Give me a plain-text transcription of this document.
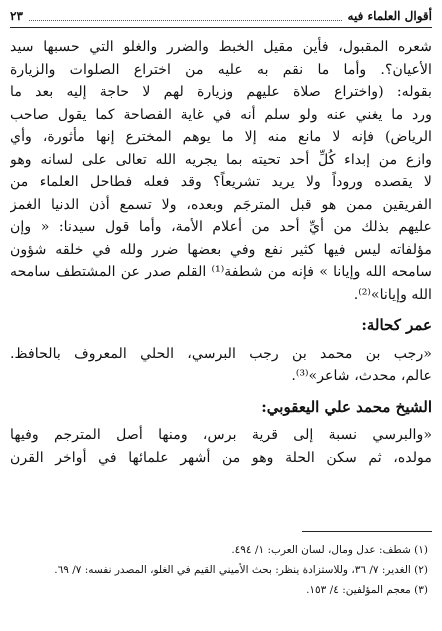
أقوال العلماء فيه
٢٣

شعره المقبول، فأين مقيل الخبط والضرر والغلو التي حسبها سيد
الأعيان؟. وأما ما نقم به عليه من اختراع الصلوات والزيارة
بقوله: (واختراع صلاة عليهم وزيارة لهم لا حاجة إليه بعد ما
ورد ما يغني عنه ولو سلم أنه في غاية الفصاحة كما يقول صاحب
الرياض) فإنه لا مانع منه إلا ما يوهم المخترع إنها مأثورة، وأي
وازع من إبداء كُلِّ أحد تحيته بما يجريه الله تعالى على لسانه وهو
لا يقصده وروداً ولا يريد تشريعاً؟ وقد فعله فطاحل العلماء من
الفريقين ممن هو قبل المترجَم وبعده، ولا تسمع أذن الدنيا الغمز
عليهم بذلك من أيِّ أحد من أعلام الأمة، وأما قول سيدنا: « وإن
مؤلفاته ليس فيها كثير نفع وفي بعضها ضرر ولله في خلقه شؤون
سامحه الله وإيانا » فإنه من شطفة⁽¹⁾ القلم صدر عن المشتطف سامحه
الله وإيانا»⁽²⁾.

عمر كحالة:

«رجب بن محمد بن رجب البرسي، الحلي المعروف بالحافظ.
عالم، محدث، شاعر»⁽³⁾.

الشيخ محمد علي اليعقوبي:

«والبرسي نسبة إلى قرية برس، ومنها أصل المترجم وفيها
مولده، ثم سكن الحلة وهو من أشهر علمائها في أواخر القرن

(١) شطف: عدل ومال، لسان العرب: ١/ ٤٩٤.
(٢) الغدير: ٧/ ٣٦، وللاستزادة ينظر: بحث الأميني القيم في الغلو، المصدر نفسه: ٧/ ٦٩.
(٣) معجم المؤلفين: ٤/ ١٥٣.
